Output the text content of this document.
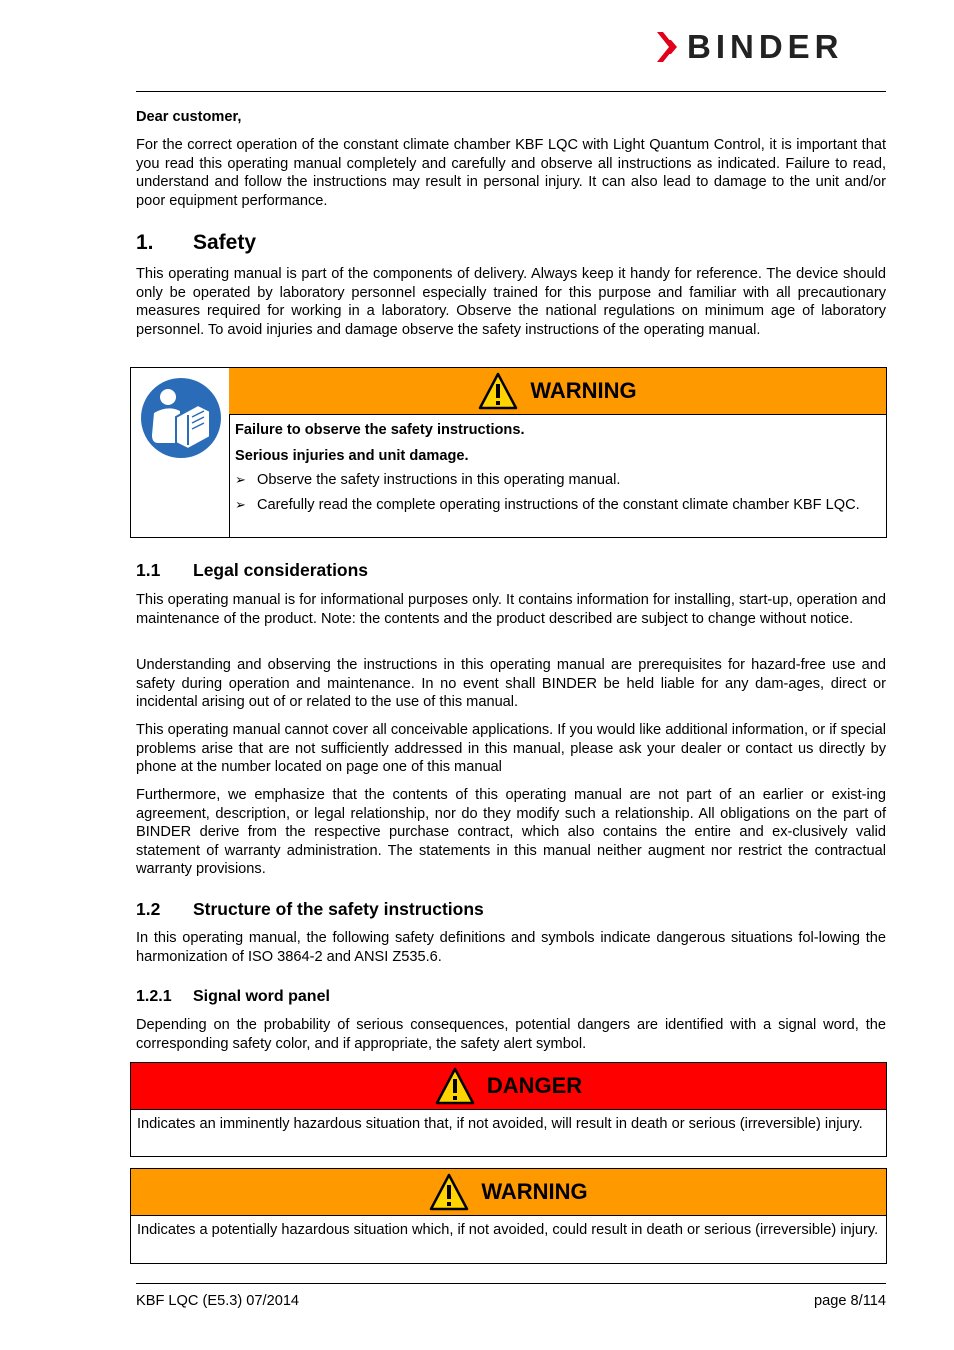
BINDER

Dear customer,

For the correct operation of the constant climate chamber KBF LQC with Light Quantum Control, it is important that you read this operating manual completely and carefully and observe all instructions as indicated. Failure to read, understand and follow the instructions may result in personal injury. It can also lead to damage to the unit and/or poor equipment performance.

1. Safety

This operating manual is part of the components of delivery. Always keep it handy for reference. The device should only be operated by laboratory personnel especially trained for this purpose and familiar with all precautionary measures required for working in a laboratory. Observe the national regulations on minimum age of laboratory personnel. To avoid injuries and damage observe the safety instructions of the operating manual.

WARNING
Failure to observe the safety instructions.
Serious injuries and unit damage.
➢ Observe the safety instructions in this operating manual.
➢ Carefully read the complete operating instructions of the constant climate chamber KBF LQC.
1.1 Legal considerations

This operating manual is for informational purposes only. It contains information for installing, start-up, operation and maintenance of the product. Note: the contents and the product described are subject to change without notice.

Understanding and observing the instructions in this operating manual are prerequisites for hazard-free use and safety during operation and maintenance. In no event shall BINDER be held liable for any dam-ages, direct or incidental arising out of or related to the use of this manual.

This operating manual cannot cover all conceivable applications. If you would like additional information, or if special problems arise that are not sufficiently addressed in this manual, please ask your dealer or contact us directly by phone at the number located on page one of this manual

Furthermore, we emphasize that the contents of this operating manual are not part of an earlier or exist-ing agreement, description, or legal relationship, nor do they modify such a relationship. All obligations on the part of BINDER derive from the respective purchase contract, which also contains the entire and ex-clusively valid statement of warranty administration. The statements in this manual neither augment nor restrict the contractual warranty provisions.

1.2 Structure of the safety instructions

In this operating manual, the following safety definitions and symbols indicate dangerous situations fol-lowing the harmonization of ISO 3864-2 and ANSI Z535.6.

1.2.1 Signal word panel

Depending on the probability of serious consequences, potential dangers are identified with a signal word, the corresponding safety color, and if appropriate, the safety alert symbol.

DANGER
Indicates an imminently hazardous situation that, if not avoided, will result in death or serious (irreversible) injury.
WARNING
Indicates a potentially hazardous situation which, if not avoided, could result in death or serious (irreversible) injury.
KBF LQC (E5.3) 07/2014	page 8/114
